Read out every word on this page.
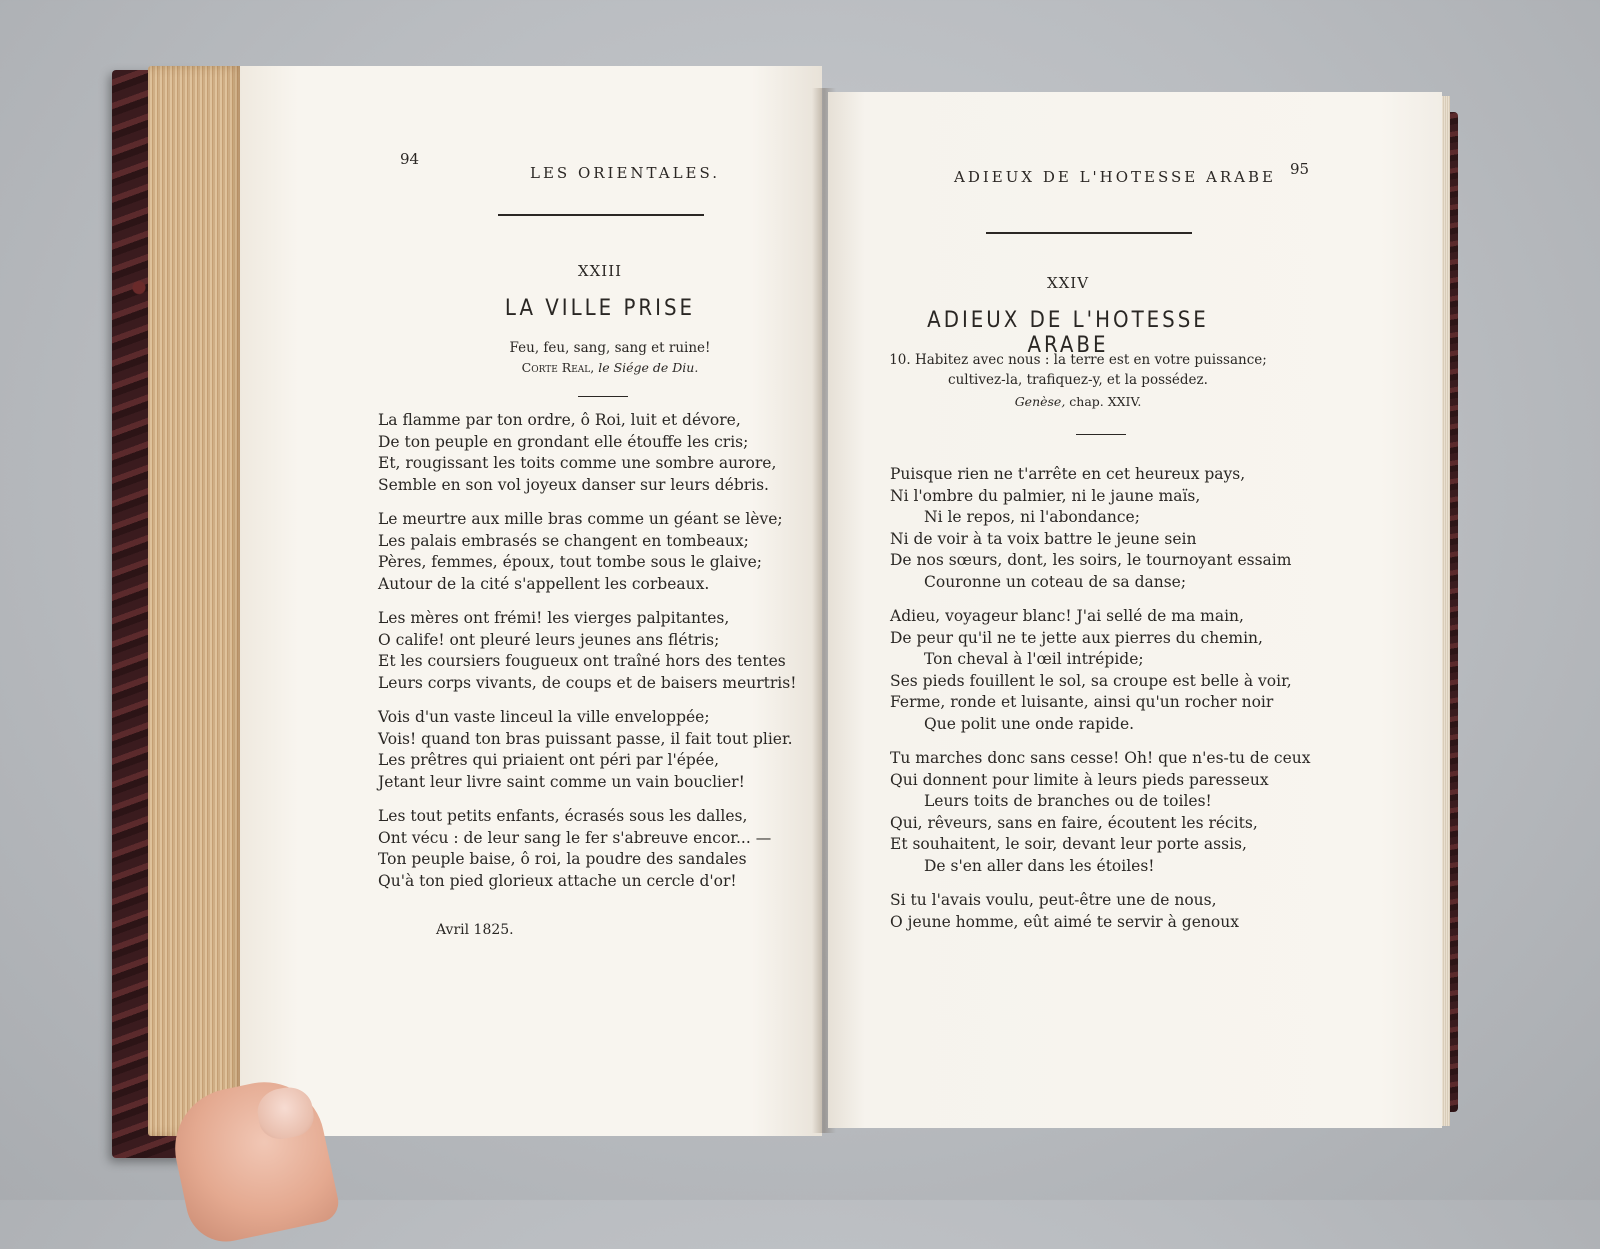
94
LES ORIENTALES.
XXIII
LA VILLE PRISE
Feu, feu, sang, sang et ruine!
Corte Real, le Siége de Diu.
La flamme par ton ordre, ô Roi, luit et dévore,
De ton peuple en grondant elle étouffe les cris;
Et, rougissant les toits comme une sombre aurore,
Semble en son vol joyeux danser sur leurs débris.
Le meurtre aux mille bras comme un géant se lève;
Les palais embrasés se changent en tombeaux;
Pères, femmes, époux, tout tombe sous le glaive;
Autour de la cité s'appellent les corbeaux.
Les mères ont frémi! les vierges palpitantes,
O calife! ont pleuré leurs jeunes ans flétris;
Et les coursiers fougueux ont traîné hors des tentes
Leurs corps vivants, de coups et de baisers meurtris!
Vois d'un vaste linceul la ville enveloppée;
Vois! quand ton bras puissant passe, il fait tout plier.
Les prêtres qui priaient ont péri par l'épée,
Jetant leur livre saint comme un vain bouclier!
Les tout petits enfants, écrasés sous les dalles,
Ont vécu : de leur sang le fer s'abreuve encor... —
Ton peuple baise, ô roi, la poudre des sandales
Qu'à ton pied glorieux attache un cercle d'or!
Avril 1825.
ADIEUX DE L'HOTESSE ARABE 95
XXIV
ADIEUX DE L'HOTESSE ARABE
10. Habitez avec nous : la terre est en votre puissance;
cultivez-la, trafiquez-y, et la possédez.
Genèse, chap. XXIV.
Puisque rien ne t'arrête en cet heureux pays,
Ni l'ombre du palmier, ni le jaune maïs,
Ni le repos, ni l'abondance;
Ni de voir à ta voix battre le jeune sein
De nos sœurs, dont, les soirs, le tournoyant essaim
Couronne un coteau de sa danse;
Adieu, voyageur blanc! J'ai sellé de ma main,
De peur qu'il ne te jette aux pierres du chemin,
Ton cheval à l'œil intrépide;
Ses pieds fouillent le sol, sa croupe est belle à voir,
Ferme, ronde et luisante, ainsi qu'un rocher noir
Que polit une onde rapide.
Tu marches donc sans cesse! Oh! que n'es-tu de ceux
Qui donnent pour limite à leurs pieds paresseux
Leurs toits de branches ou de toiles!
Qui, rêveurs, sans en faire, écoutent les récits,
Et souhaitent, le soir, devant leur porte assis,
De s'en aller dans les étoiles!
Si tu l'avais voulu, peut-être une de nous,
O jeune homme, eût aimé te servir à genoux
